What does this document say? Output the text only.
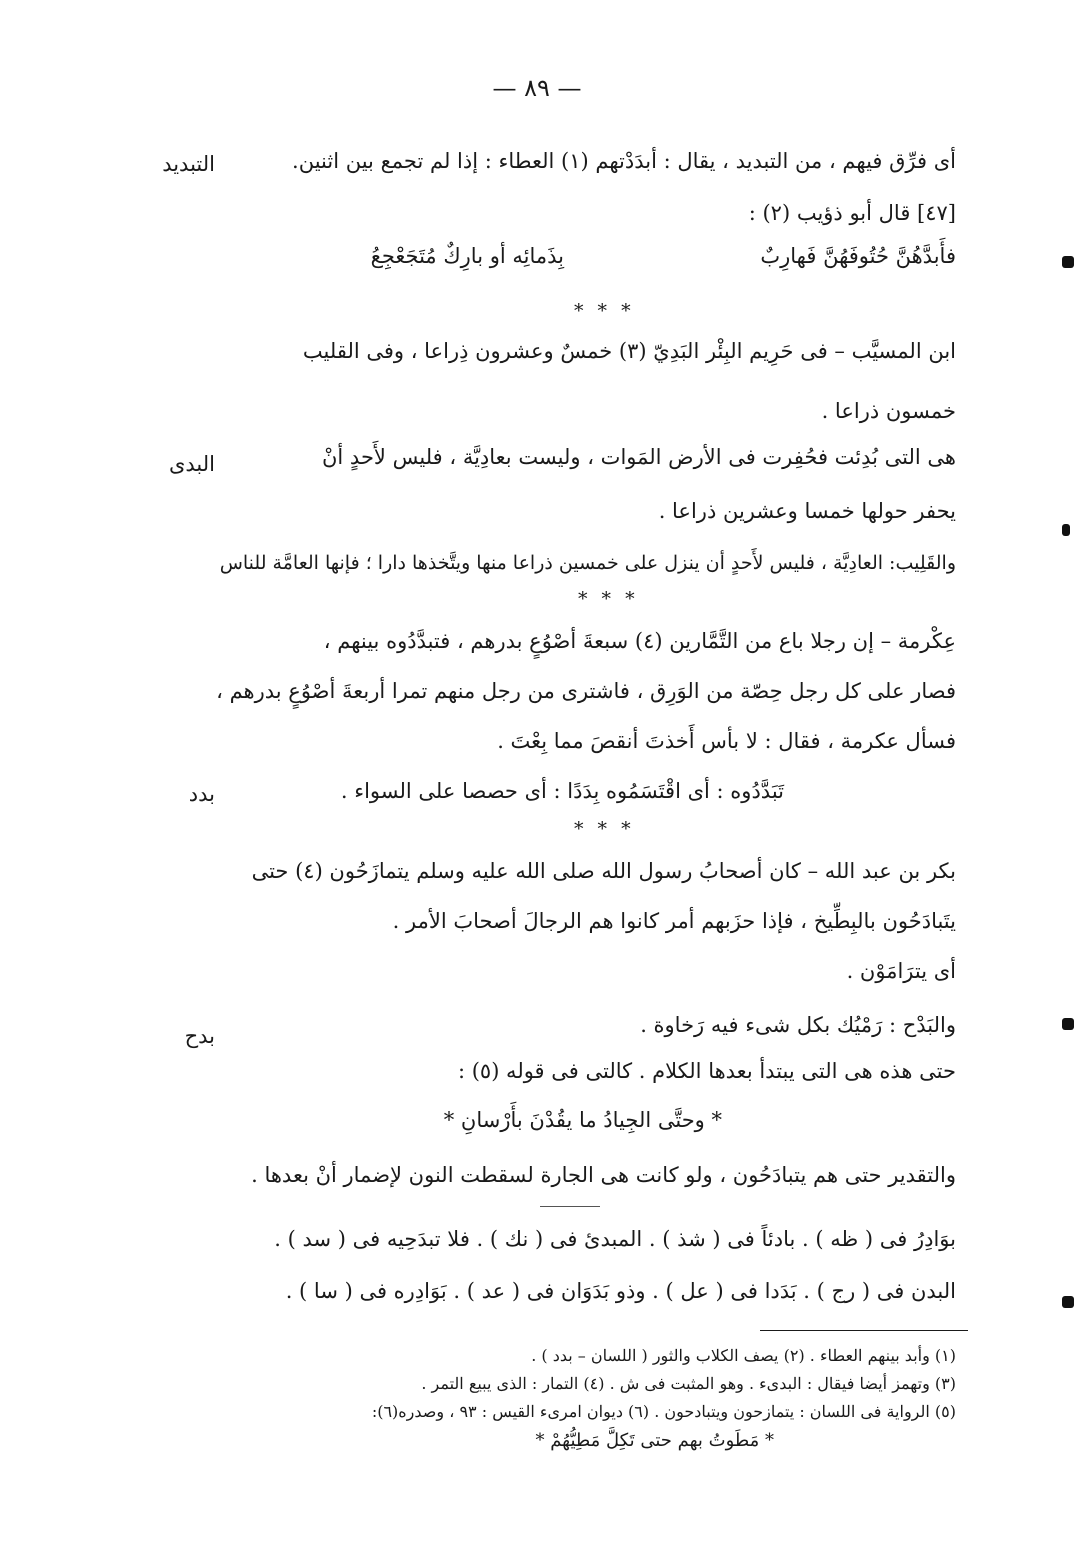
— ٨٩ —
التبديد
البدى
بدد
بدح
أى فرِّق فيهم ، من التبديد ، يقال : أبدَدْتهم (١) العطاء : إذا لم تجمع بين اثنين.
[٤٧] قال أبو ذؤيب (٢) :
فأَبدَّهُنَّ حُتُوفَهُنَّ فَهارِبٌ
بِذَمائِه أو بارِكٌ مُتَجَعْجِعُ
* * *
ابن المسيَّب – فى حَرِيم البِئْر البَدِيّ (٣) خمسٌ وعشرون ذِراعا ، وفى القليب
خمسون ذراعا .
هى التى بُدِئت فحُفِرت فى الأرض المَوات ، وليست بعادِيَّة ، فليس لأَحدٍ أنْ
يحفر حولها خمسا وعشرين ذراعا .
والقَلِيب: العادِيَّة ، فليس لأَحدٍ أن ينزل على خمسين ذراعا منها ويتَّخذها دارا ؛ فإنها العامَّة للناس
* * *
عِكْرمة – إن رجلا باع من التَّمَّارين (٤) سبعةَ أصْوُعٍ بدرهم ، فتبدَّدُوه بينهم ،
فصار على كل رجل حِصّة من الوَرِق ، فاشترى من رجل منهم تمرا أربعةَ أصْوُعٍ بدرهم ،
فسأل عكرمة ، فقال : لا بأس أَخذتَ أنقصَ مما بِعْتَ .
تَبَدَّدُوه : أى اقْتَسَمُوه بِدَدًا : أى حصصا على السواء .
* * *
بكر بن عبد الله – كان أصحابُ رسول الله صلى الله عليه وسلم يتمازَحُون (٤) حتى
يتَبادَحُون بالبِطِّيخ ، فإذا حزَبهم أمر كانوا هم الرجالَ أصحابَ الأمر .
أى يترَامَوْن .
والبَدْح : رَمْيُك بكل شىء فيه رَخاوة .
حتى هذه هى التى يبتدأ بعدها الكلام . كالتى فى قوله (٥) :
* وحتَّى الجِيادُ ما يقُدْنَ بأَرْسانِ *
والتقدير حتى هم يتبادَحُون ، ولو كانت هى الجارة لسقطت النون لإضمار أنْ بعدها .
بوَادِرُ فى ( ظه ) . بادئاً فى ( شذ ) . المبدئ فى ( نك ) . فلا تبدَحِيه فى ( سد ) .
البدن فى ( رج ) . بَدَدا فى ( عل ) . وذو بَدَوَان فى ( عد ) . بَوَادِره فى ( سا ) .
(١) وأبد بينهم العطاء . (٢) يصف الكلاب والثور ( اللسان – بدد ) .
(٣) وتهمز أيضا فيقال : البدىء . وهو المثبت فى ش . (٤) التمار : الذى يبيع التمر .
(٥) الرواية فى اللسان : يتمازحون ويتبادحون . (٦) ديوان امرىء القيس : ٩٣ ، وصدره(٦):
* مَطَوتُ بهم حتى تَكِلَّ مَطِيُّهُمْ *
